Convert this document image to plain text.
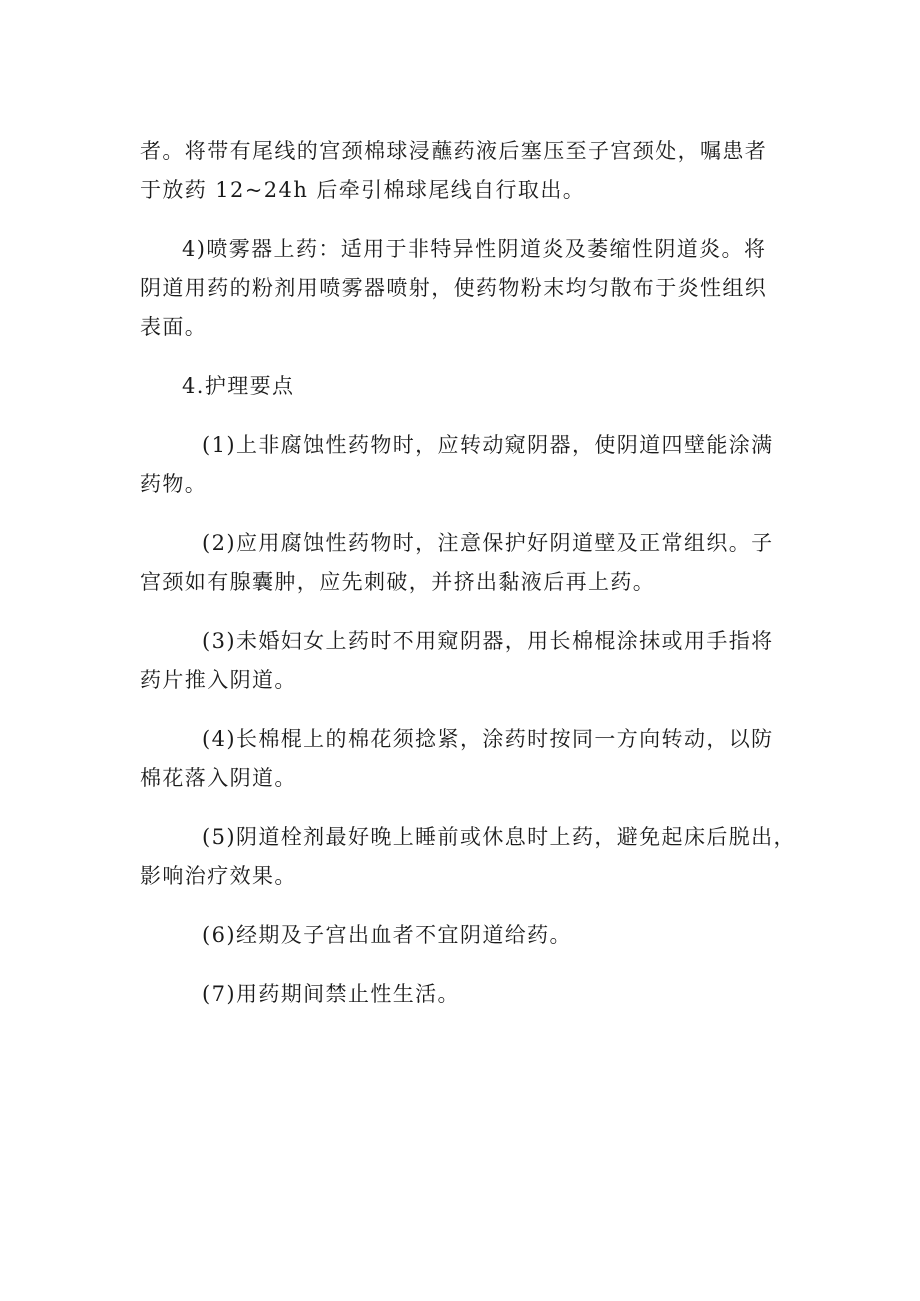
者。将带有尾线的宫颈棉球浸蘸药液后塞压至子宫颈处，嘱患者
于放药 12~24h 后牵引棉球尾线自行取出。

4)喷雾器上药：适用于非特异性阴道炎及萎缩性阴道炎。将
阴道用药的粉剂用喷雾器喷射，使药物粉末均匀散布于炎性组织
表面。

4.护理要点

(1)上非腐蚀性药物时，应转动窥阴器，使阴道四壁能涂满
药物。

(2)应用腐蚀性药物时，注意保护好阴道壁及正常组织。子
宫颈如有腺囊肿，应先刺破，并挤出黏液后再上药。

(3)未婚妇女上药时不用窥阴器，用长棉棍涂抹或用手指将
药片推入阴道。

(4)长棉棍上的棉花须捻紧，涂药时按同一方向转动，以防
棉花落入阴道。

(5)阴道栓剂最好晚上睡前或休息时上药，避免起床后脱出，
影响治疗效果。

(6)经期及子宫出血者不宜阴道给药。

(7)用药期间禁止性生活。
